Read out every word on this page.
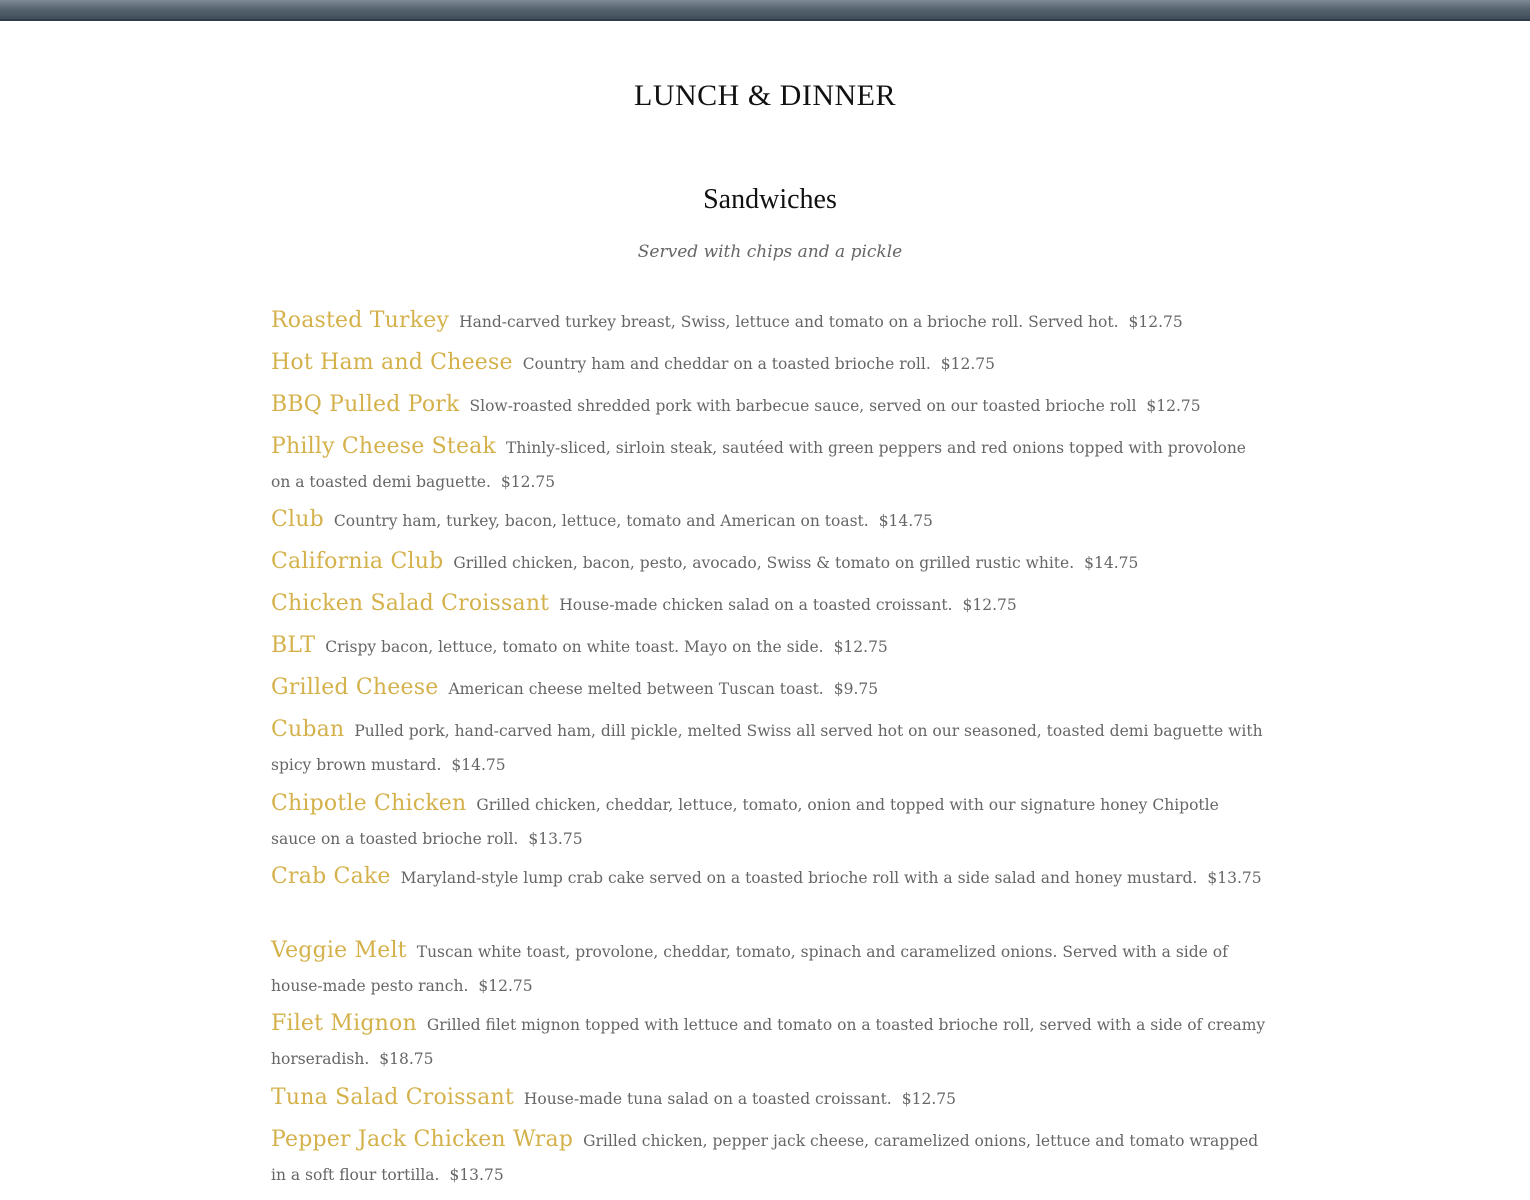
LUNCH & DINNER
Sandwiches

Served with chips and a pickle

Roasted Turkey Hand-carved turkey breast, Swiss, lettuce and tomato on a brioche roll. Served hot. $12.75
Hot Ham and Cheese Country ham and cheddar on a toasted brioche roll. $12.75
BBQ Pulled Pork Slow-roasted shredded pork with barbecue sauce, served on our toasted brioche roll $12.75
Philly Cheese Steak Thinly-sliced, sirloin steak, sautéed with green peppers and red onions topped with provolone on a toasted demi baguette. $12.75
Club Country ham, turkey, bacon, lettuce, tomato and American on toast. $14.75
California Club Grilled chicken, bacon, pesto, avocado, Swiss & tomato on grilled rustic white. $14.75
Chicken Salad Croissant House-made chicken salad on a toasted croissant. $12.75
BLT Crispy bacon, lettuce, tomato on white toast. Mayo on the side. $12.75
Grilled Cheese American cheese melted between Tuscan toast. $9.75
Cuban Pulled pork, hand-carved ham, dill pickle, melted Swiss all served hot on our seasoned, toasted demi baguette with spicy brown mustard. $14.75
Chipotle Chicken Grilled chicken, cheddar, lettuce, tomato, onion and topped with our signature honey Chipotle sauce on a toasted brioche roll. $13.75
Crab Cake Maryland-style lump crab cake served on a toasted brioche roll with a side salad and honey mustard. $13.75
Veggie Melt Tuscan white toast, provolone, cheddar, tomato, spinach and caramelized onions. Served with a side of house-made pesto ranch. $12.75
Filet Mignon Grilled filet mignon topped with lettuce and tomato on a toasted brioche roll, served with a side of creamy horseradish. $18.75
Tuna Salad Croissant House-made tuna salad on a toasted croissant. $12.75
Pepper Jack Chicken Wrap Grilled chicken, pepper jack cheese, caramelized onions, lettuce and tomato wrapped in a soft flour tortilla. $13.75
